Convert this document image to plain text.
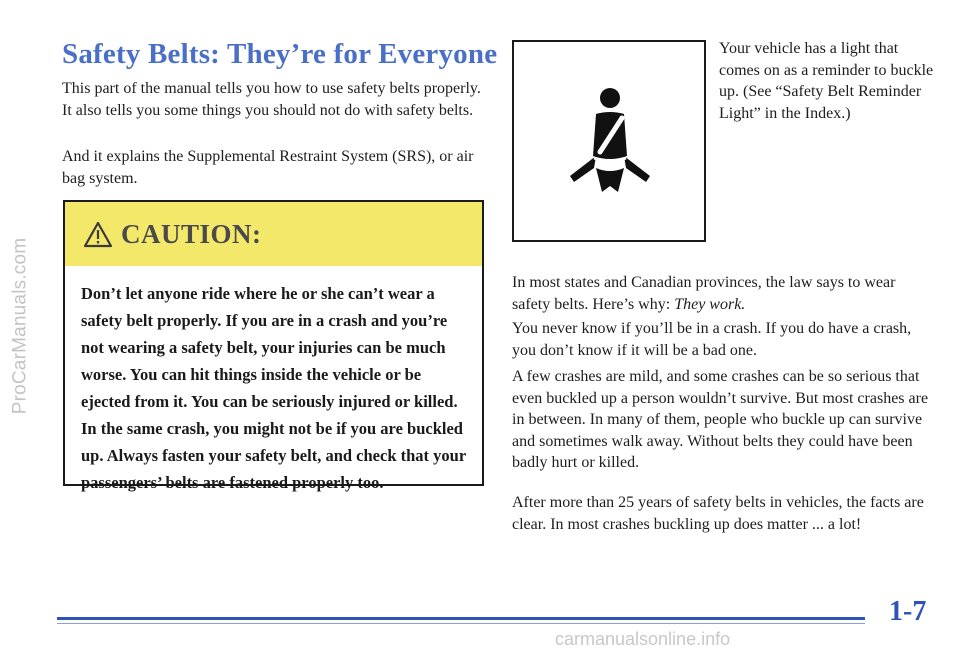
ProCarManuals.com
Safety Belts: They’re for Everyone

This part of the manual tells you how to use safety belts properly. It also tells you some things you should not do with safety belts.

And it explains the Supplemental Restraint System (SRS), or air bag system.

CAUTION:

Don’t let anyone ride where he or she can’t wear a safety belt properly. If you are in a crash and you’re not wearing a safety belt, your injuries can be much worse. You can hit things inside the vehicle or be ejected from it. You can be seriously injured or killed. In the same crash, you might not be if you are buckled up. Always fasten your safety belt, and check that your passengers’ belts are fastened properly too.

Your vehicle has a light that comes on as a reminder to buckle up. (See “Safety Belt Reminder Light” in the Index.)

In most states and Canadian provinces, the law says to wear safety belts. Here’s why: They work.

You never know if you’ll be in a crash. If you do have a crash, you don’t know if it will be a bad one.

A few crashes are mild, and some crashes can be so serious that even buckled up a person wouldn’t survive. But most crashes are in between. In many of them, people who buckle up can survive and sometimes walk away. Without belts they could have been badly hurt or killed.

After more than 25 years of safety belts in vehicles, the facts are clear. In most crashes buckling up does matter ... a lot!

1-7
carmanualsonline.info
